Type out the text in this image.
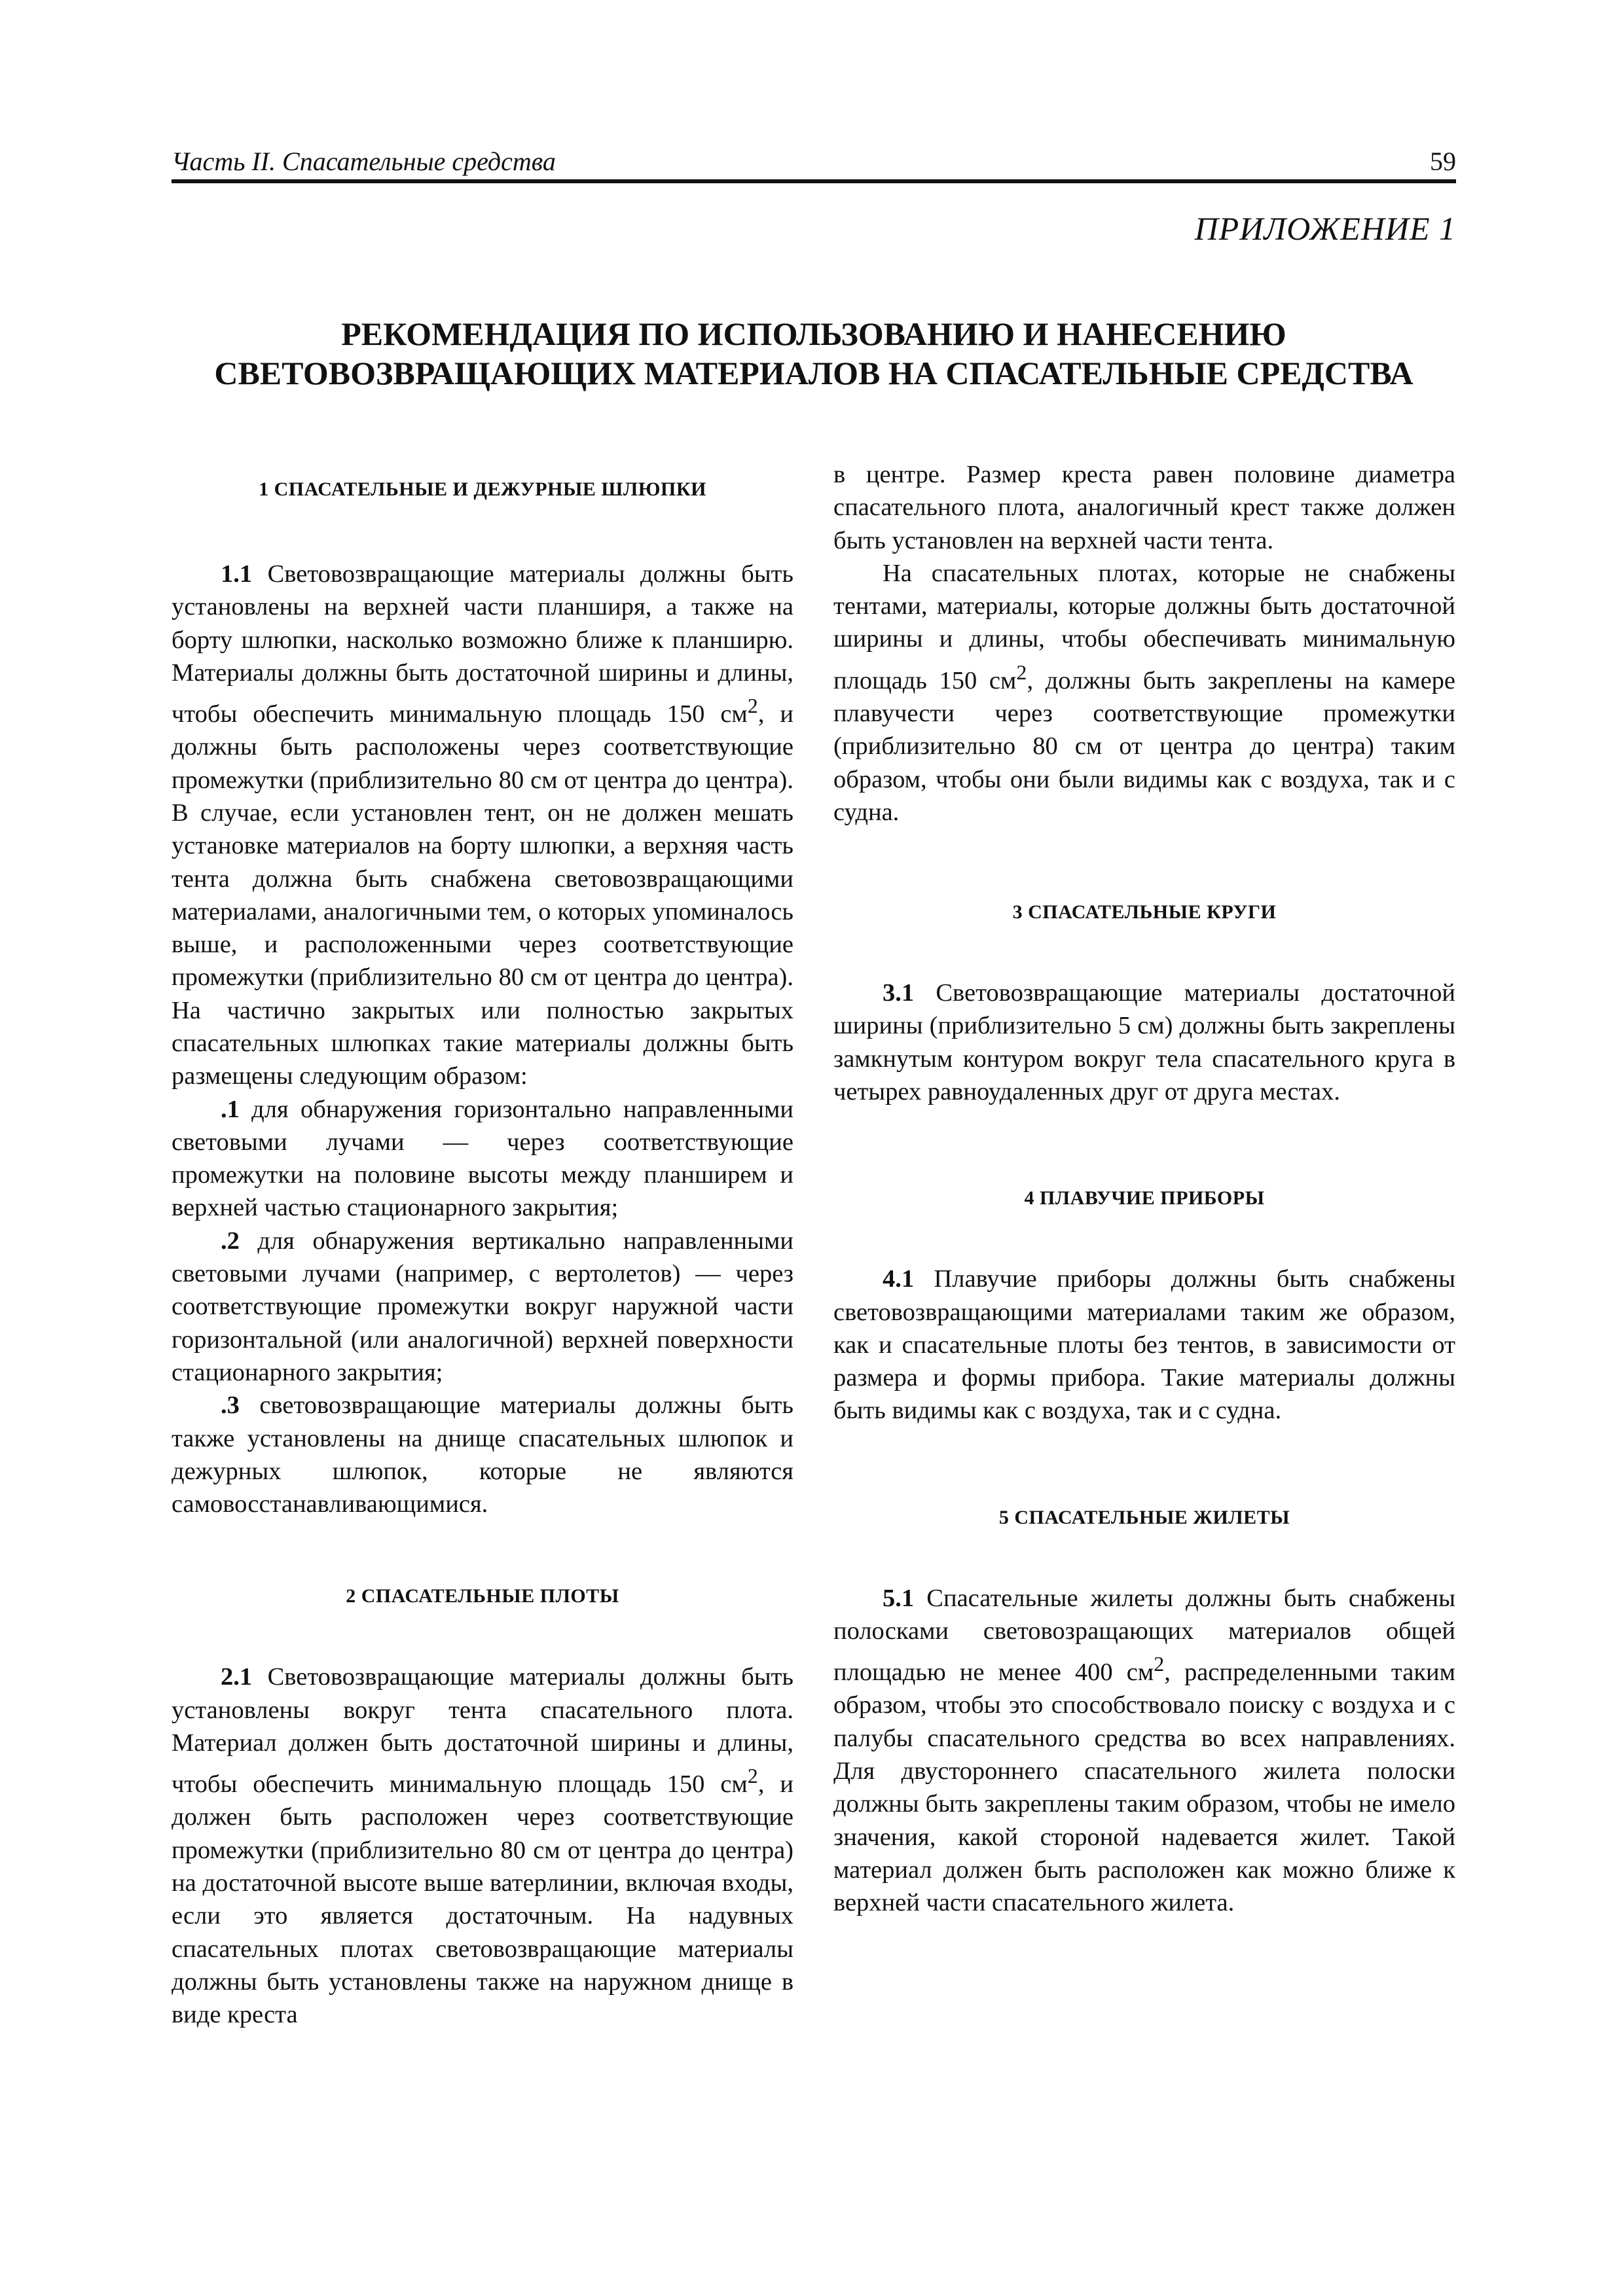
Часть II. Спасательные средства	59
ПРИЛОЖЕНИЕ 1
РЕКОМЕНДАЦИЯ ПО ИСПОЛЬЗОВАНИЮ И НАНЕСЕНИЮ
СВЕТОВОЗВРАЩАЮЩИХ МАТЕРИАЛОВ НА СПАСАТЕЛЬНЫЕ СРЕДСТВА
1 СПАСАТЕЛЬНЫЕ И ДЕЖУРНЫЕ ШЛЮПКИ

1.1 Световозвращающие материалы должны быть установлены на верхней части планширя, а также на борту шлюпки, насколько возможно ближе к планширю. Материалы должны быть достаточной ширины и длины, чтобы обеспечить минимальную площадь 150 $см^2$, и должны быть расположены через соответствующие промежутки (приблизительно 80 см от центра до центра). В случае, если установлен тент, он не должен мешать установке материалов на борту шлюпки, а верхняя часть тента должна быть снабжена световозвращающими материалами, аналогичными тем, о которых упоминалось выше, и расположенными через соответствующие промежутки (приблизительно 80 см от центра до центра). На частично закрытых или полностью закрытых спасательных шлюпках такие материалы должны быть размещены следующим образом:

.1 для обнаружения горизонтально направленными световыми лучами — через соответствующие промежутки на половине высоты между планширем и верхней частью стационарного закрытия;

.2 для обнаружения вертикально направленными световыми лучами (например, с вертолетов) — через соответствующие промежутки вокруг наружной части горизонтальной (или аналогичной) верхней поверхности стационарного закрытия;

.3 световозвращающие материалы должны быть также установлены на днище спасательных шлюпок и дежурных шлюпок, которые не являются самовосстанавливающимися.

2 СПАСАТЕЛЬНЫЕ ПЛОТЫ

2.1 Световозвращающие материалы должны быть установлены вокруг тента спасательного плота. Материал должен быть достаточной ширины и длины, чтобы обеспечить минимальную площадь 150 $см^2$, и должен быть расположен через соответствующие промежутки (приблизительно 80 см от центра до центра) на достаточной высоте выше ватерлинии, включая входы, если это является достаточным. На надувных спасательных плотах световозвращающие материалы должны быть установлены также на наружном днище в виде креста

в центре. Размер креста равен половине диаметра спасательного плота, аналогичный крест также должен быть установлен на верхней части тента.

На спасательных плотах, которые не снабжены тентами, материалы, которые должны быть достаточной ширины и длины, чтобы обеспечивать минимальную площадь 150 $см^2$, должны быть закреплены на камере плавучести через соответствующие промежутки (приблизительно 80 см от центра до центра) таким образом, чтобы они были видимы как с воздуха, так и с судна.

3 СПАСАТЕЛЬНЫЕ КРУГИ

3.1 Световозвращающие материалы достаточной ширины (приблизительно 5 см) должны быть закреплены замкнутым контуром вокруг тела спасательного круга в четырех равноудаленных друг от друга местах.

4 ПЛАВУЧИЕ ПРИБОРЫ

4.1 Плавучие приборы должны быть снабжены световозвращающими материалами таким же образом, как и спасательные плоты без тентов, в зависимости от размера и формы прибора. Такие материалы должны быть видимы как с воздуха, так и с судна.

5 СПАСАТЕЛЬНЫЕ ЖИЛЕТЫ

5.1 Спасательные жилеты должны быть снабжены полосками световозращающих материалов общей площадью не менее 400 $см^2$, распределенными таким образом, чтобы это способствовало поиску с воздуха и с палубы спасательного средства во всех направлениях. Для двустороннего спасательного жилета полоски должны быть закреплены таким образом, чтобы не имело значения, какой стороной надевается жилет. Такой материал должен быть расположен как можно ближе к верхней части спасательного жилета.
